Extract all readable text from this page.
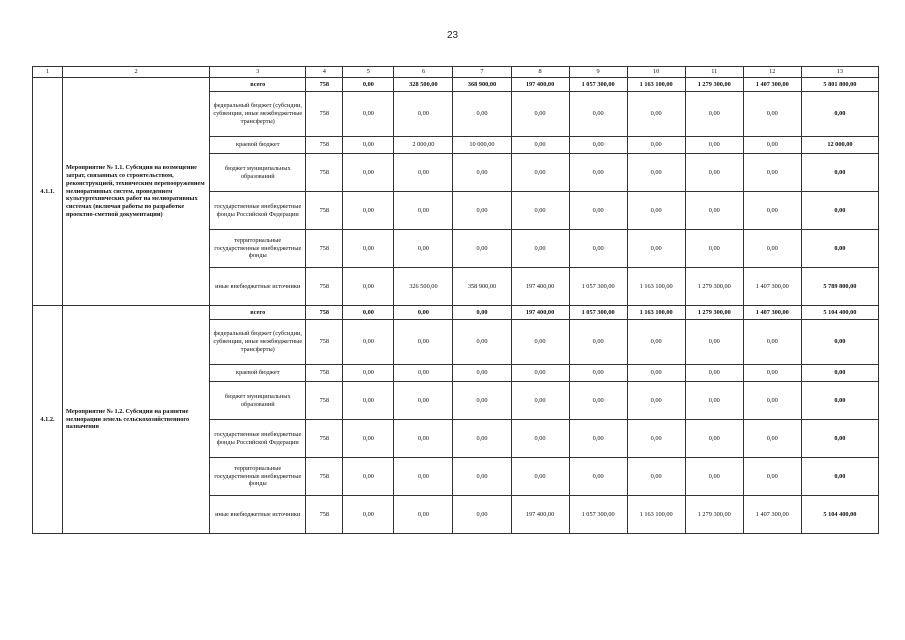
23
1	2	3	4	5	6	7	8	9	10	11	12	13
4.1.1.	Мероприятие № 1.1. Субсидия на возмещение затрат, связанных со строительством, реконструкцией, техническим перевооружением мелиоративных систем, проведением культуртехнических работ на мелиоративных системах (включая работы по разработке проектно-сметной документации)	всего	758	0,00	328 500,00	368 900,00	197 400,00	1 057 300,00	1 163 100,00	1 279 300,00	1 407 300,00	5 801 800,00
		федеральный бюджет (субсидии, субвенции, иные межбюджетные трансферты)	758	0,00	0,00	0,00	0,00	0,00	0,00	0,00	0,00	0,00
		краевой бюджет	758	0,00	2 000,00	10 000,00	0,00	0,00	0,00	0,00	0,00	12 000,00
		бюджет муниципальных образований	758	0,00	0,00	0,00	0,00	0,00	0,00	0,00	0,00	0,00
		государственные внебюджетные фонды Российской Федерации	758	0,00	0,00	0,00	0,00	0,00	0,00	0,00	0,00	0,00
		территориальные государственные внебюджетные фонды	758	0,00	0,00	0,00	0,00	0,00	0,00	0,00	0,00	0,00
		иные внебюджетные источники	758	0,00	326 500,00	358 900,00	197 400,00	1 057 300,00	1 163 100,00	1 279 300,00	1 407 300,00	5 789 800,00
4.1.2.	Мероприятие № 1.2. Субсидия на развитие мелиорации земель сельскохозяйственного назначения	всего	758	0,00	0,00	0,00	197 400,00	1 057 300,00	1 163 100,00	1 279 300,00	1 407 300,00	5 104 400,00
		федеральный бюджет (субсидии, субвенции, иные межбюджетные трансферты)	758	0,00	0,00	0,00	0,00	0,00	0,00	0,00	0,00	0,00
		краевой бюджет	758	0,00	0,00	0,00	0,00	0,00	0,00	0,00	0,00	0,00
		бюджет муниципальных образований	758	0,00	0,00	0,00	0,00	0,00	0,00	0,00	0,00	0,00
		государственные внебюджетные фонды Российской Федерации	758	0,00	0,00	0,00	0,00	0,00	0,00	0,00	0,00	0,00
		территориальные государственные внебюджетные фонды	758	0,00	0,00	0,00	0,00	0,00	0,00	0,00	0,00	0,00
		иные внебюджетные источники	758	0,00	0,00	0,00	197 400,00	1 057 300,00	1 163 100,00	1 279 300,00	1 407 300,00	5 104 400,00
